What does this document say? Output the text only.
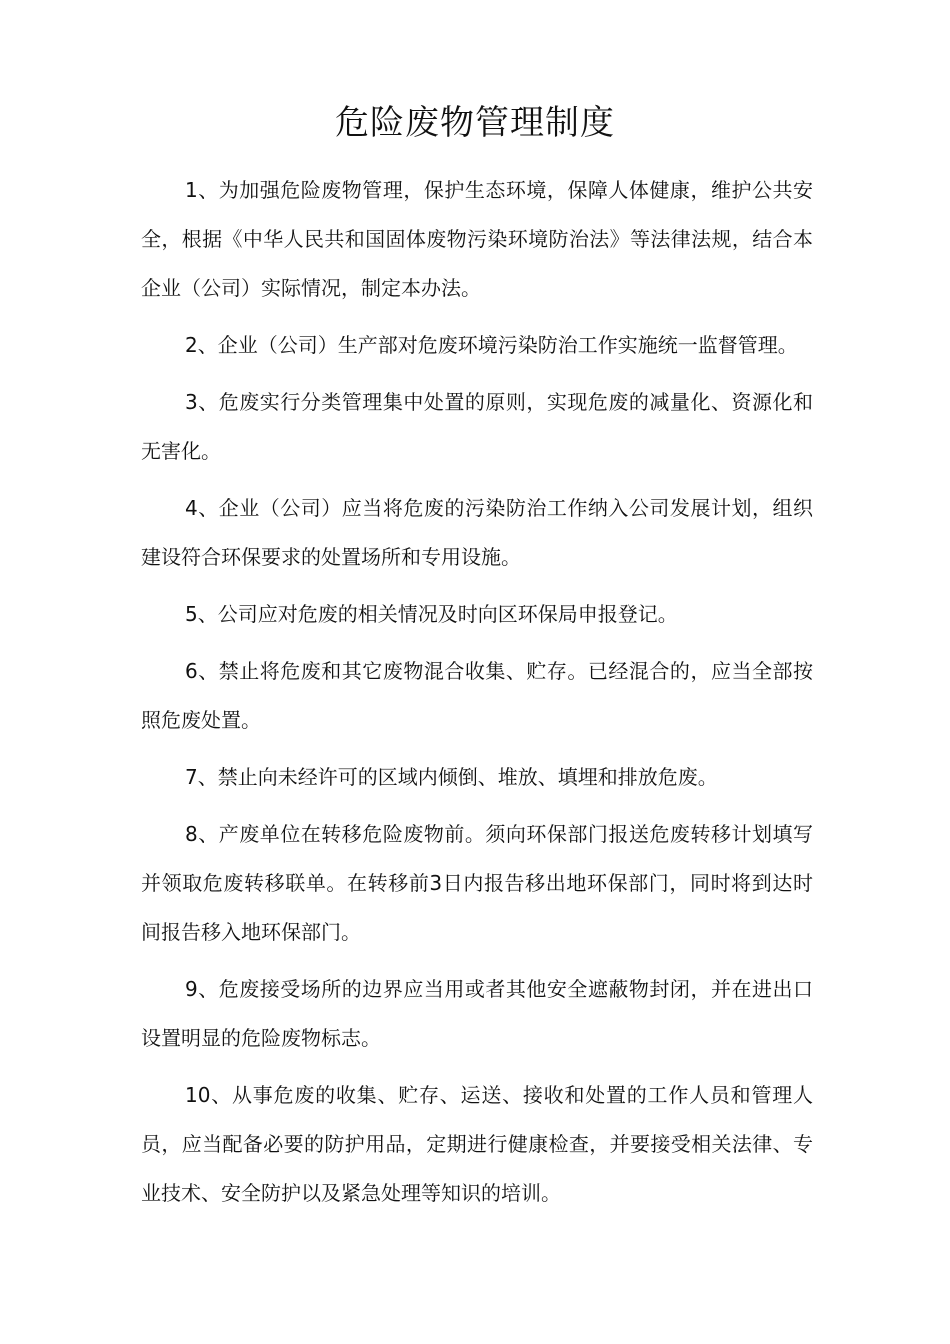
危险废物管理制度

1、为加强危险废物管理，保护生态环境，保障人体健康，维护公共安全，根据《中华人民共和国固体废物污染环境防治法》等法律法规，结合本企业（公司）实际情况，制定本办法。

2、企业（公司）生产部对危废环境污染防治工作实施统一监督管理。

3、危废实行分类管理集中处置的原则，实现危废的减量化、资源化和无害化。

4、企业（公司）应当将危废的污染防治工作纳入公司发展计划，组织建设符合环保要求的处置场所和专用设施。

5、公司应对危废的相关情况及时向区环保局申报登记。

6、禁止将危废和其它废物混合收集、贮存。已经混合的，应当全部按照危废处置。

7、禁止向未经许可的区域内倾倒、堆放、填埋和排放危废。

8、产废单位在转移危险废物前。须向环保部门报送危废转移计划填写并领取危废转移联单。在转移前3日内报告移出地环保部门，同时将到达时间报告移入地环保部门。

9、危废接受场所的边界应当用或者其他安全遮蔽物封闭，并在进出口设置明显的危险废物标志。

10、从事危废的收集、贮存、运送、接收和处置的工作人员和管理人员，应当配备必要的防护用品，定期进行健康检查，并要接受相关法律、专业技术、安全防护以及紧急处理等知识的培训。
